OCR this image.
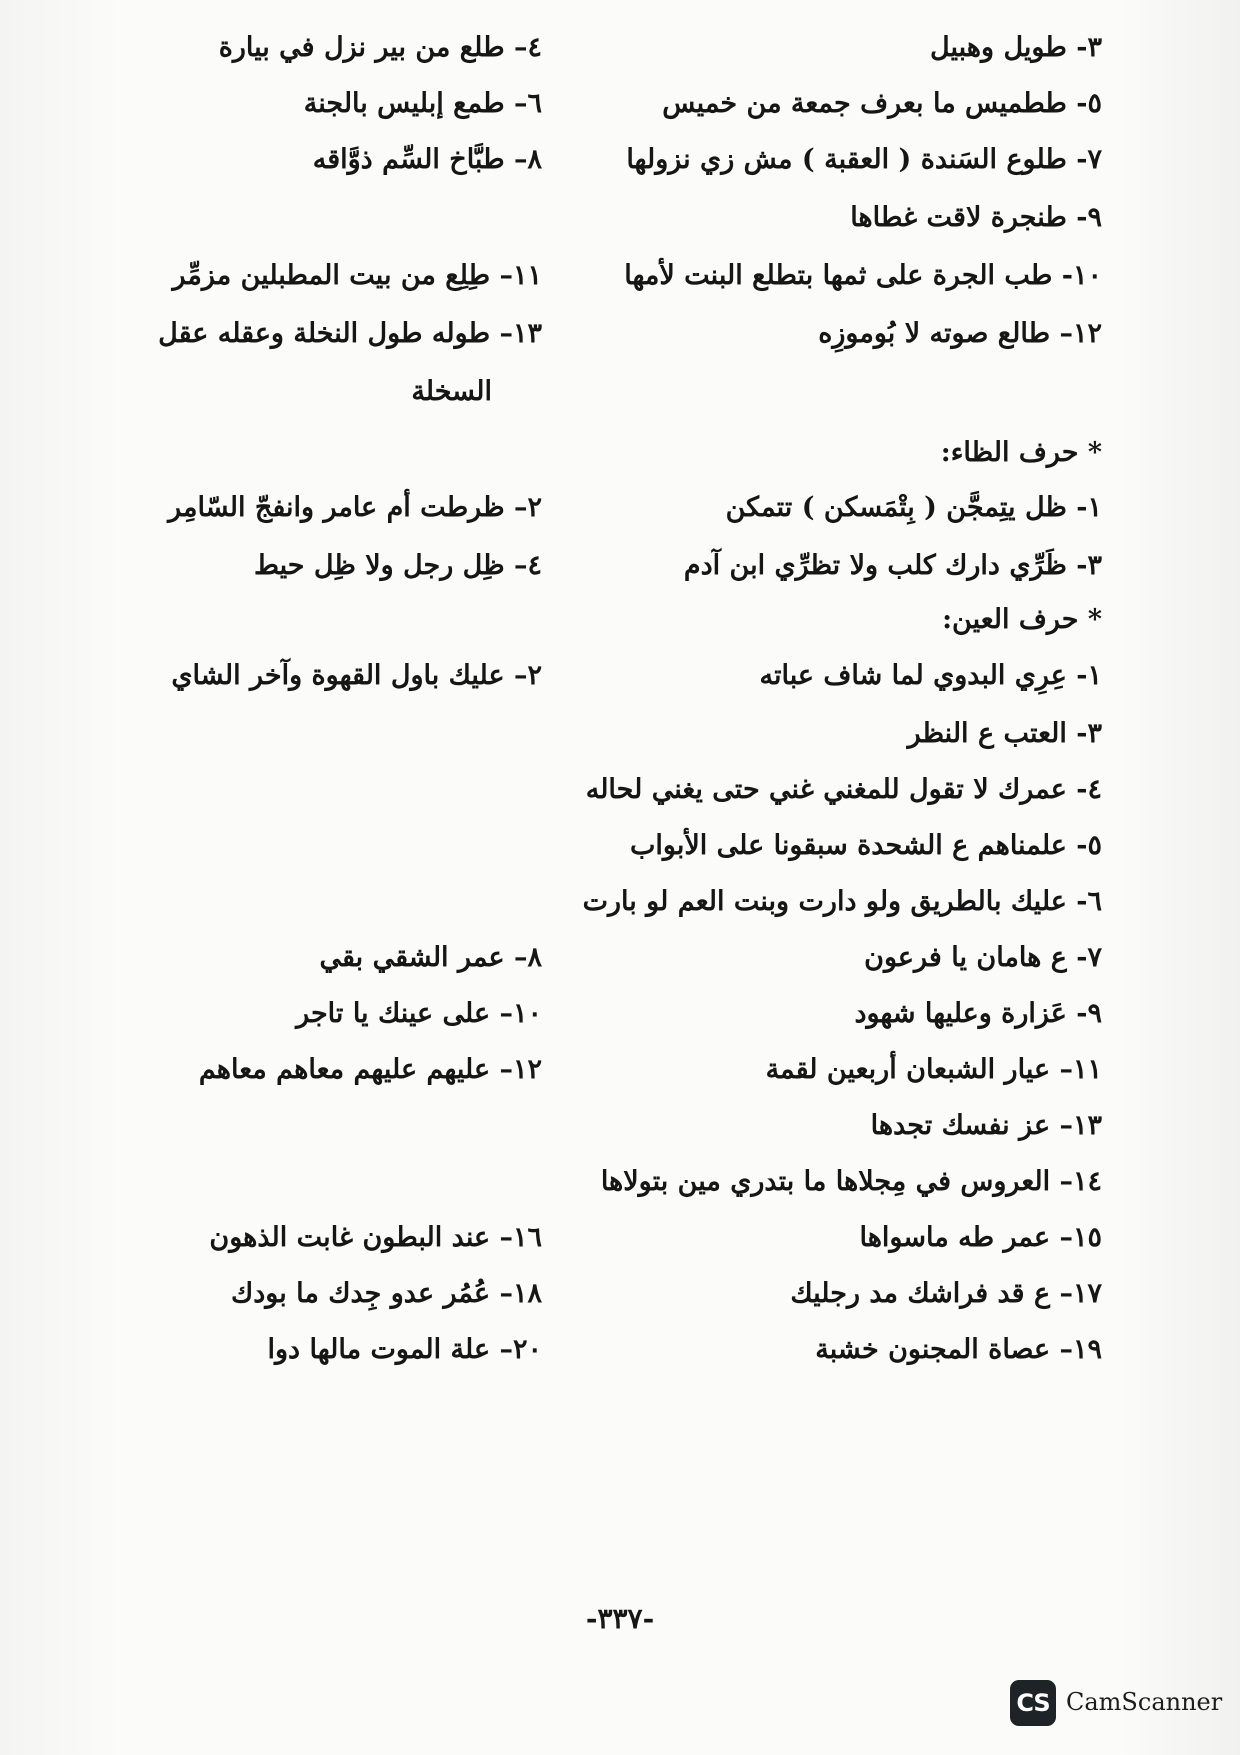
٣- طويل وهبيل
٤– طلع من بير نزل في بيارة
٥- ططميس ما بعرف جمعة من خميس
٦– طمع إبليس بالجنة
٧- طلوع السَندة ( العقبة ) مش زي نزولها
٨– طبَّاخ السِّم ذوَّاقه
٩- طنجرة لاقت غطاها
١٠- طب الجرة على ثمها بتطلع البنت لأمها
١١– طِلِع من بيت المطبلين مزمِّر
١٢– طالع صوته لا بُوموزِه
١٣– طوله طول النخلة وعقله عقل
السخلة
* حرف الظاء:
١- ظل يتِمجَّن ( بِتْمَسكن ) تتمكن
٢– ظرطت أم عامر وانفجّ السّامِر
٣- ظَرِّي دارك كلب ولا تظرِّي ابن آدم
٤– ظِل رجل ولا ظِل حيط
* حرف العين:
١- عِرِي البدوي لما شاف عباته
٢– عليك باول القهوة وآخر الشاي
٣- العتب ع النظر
٤- عمرك لا تقول للمغني غني حتى يغني لحاله
٥- علمناهم ع الشحدة سبقونا على الأبواب
٦- عليك بالطريق ولو دارت وبنت العم لو بارت
٧- ع هامان يا فرعون
٨– عمر الشقي بقي
٩- عَزارة وعليها شهود
١٠– على عينك يا تاجر
١١– عيار الشبعان أربعين لقمة
١٢– عليهم عليهم معاهم معاهم
١٣– عز نفسك تجدها
١٤– العروس في مِجلاها ما بتدري مين بتولاها
١٥– عمر طه ماسواها
١٦– عند البطون غابت الذهون
١٧– ع قد فراشك مد رجليك
١٨– عُمُر عدو جِدك ما بودك
١٩– عصاة المجنون خشبة
٢٠– علة الموت مالها دوا
-٣٣٧-
CS CamScanner
